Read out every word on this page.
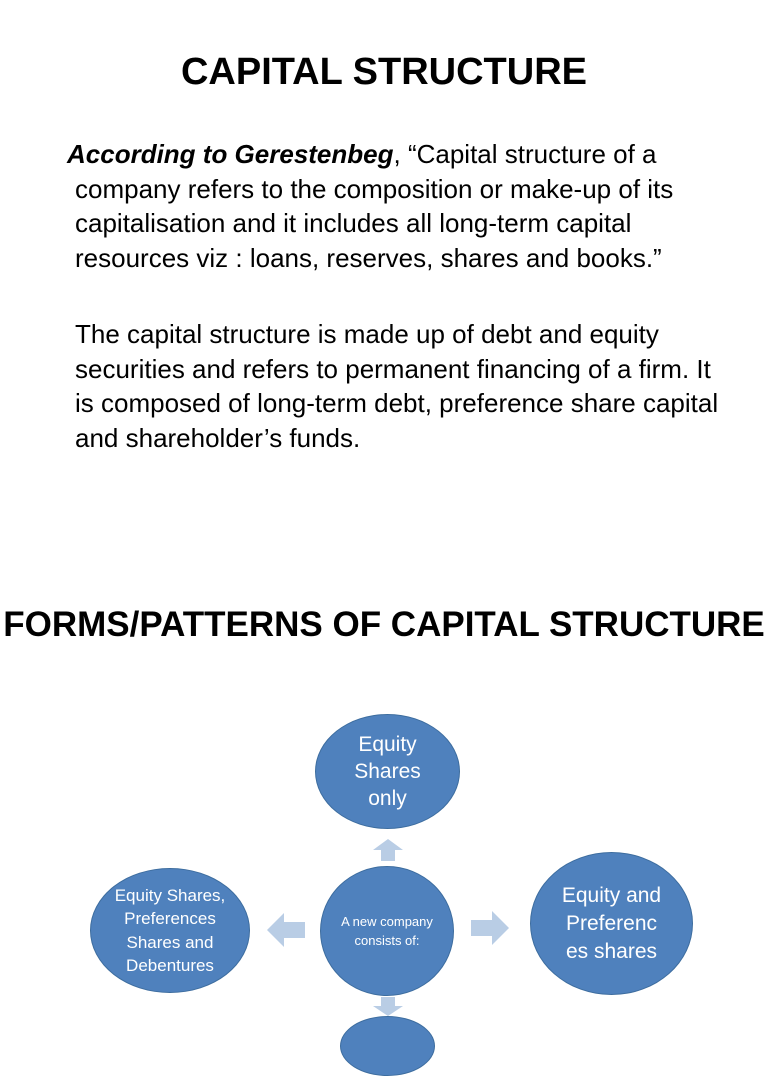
CAPITAL STRUCTURE

According to Gerestenbeg, “Capital structure of a company refers to the composition or make-up of its capitalisation and it includes all long-term capital resources viz : loans, reserves, shares and books.”

The capital structure is made up of debt and equity securities and refers to permanent financing of a firm. It is composed of long-term debt, preference share capital and shareholder’s funds.

FORMS/PATTERNS OF CAPITAL STRUCTURE
Equity Shares only
Equity Shares, Preferences Shares and Debentures
A new company consists of:
Equity and Preferenc es shares
